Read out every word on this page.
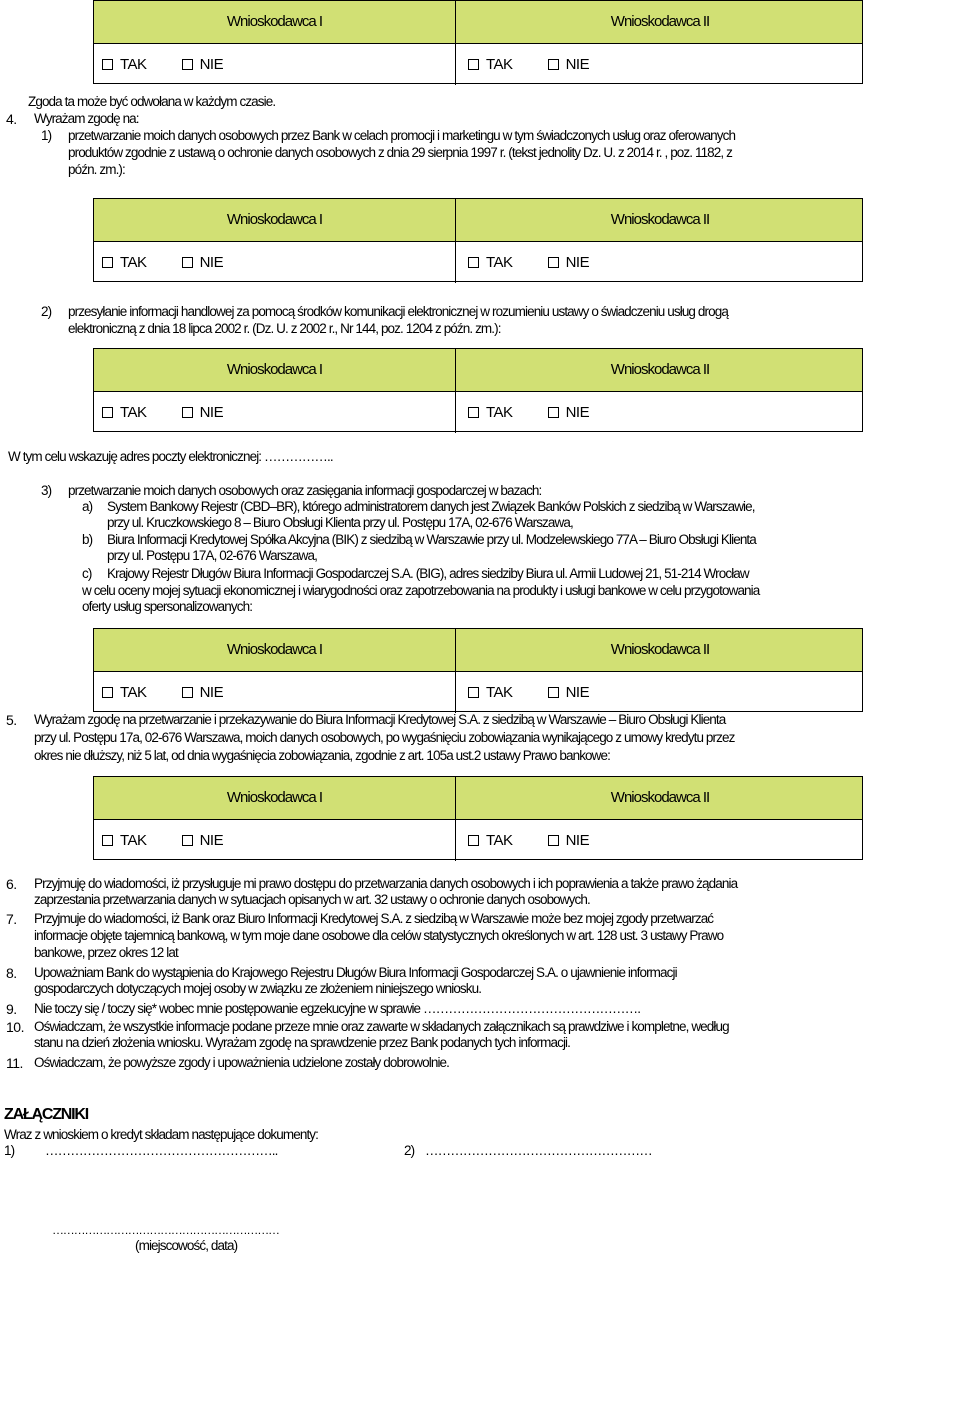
Wnioskodawca I	Wnioskodawca II
TAK	NIE	TAK	NIE
Zgoda ta może być odwołana w każdym czasie.
4. Wyrażam zgodę na:
1) przetwarzanie moich danych osobowych przez Bank w celach promocji i marketingu w tym świadczonych usług oraz oferowanych
produktów zgodnie z ustawą o ochronie danych osobowych z dnia 29 sierpnia 1997 r. (tekst jednolity Dz. U. z 2014 r. , poz. 1182, z
późn. zm.):
Wnioskodawca I	Wnioskodawca II
TAK	NIE	TAK	NIE
2) przesyłanie informacji handlowej za pomocą środków komunikacji elektronicznej w rozumieniu ustawy o świadczeniu usług drogą
elektroniczną z dnia 18 lipca 2002 r. (Dz. U. z 2002 r., Nr 144, poz. 1204 z późn. zm.):
Wnioskodawca I	Wnioskodawca II
TAK	NIE	TAK	NIE
W tym celu wskazuję adres poczty elektronicznej: ……………..
3) przetwarzanie moich danych osobowych oraz zasięgania informacji gospodarczej w bazach:
a) System Bankowy Rejestr (CBD–BR), którego administratorem danych jest Związek Banków Polskich z siedzibą w Warszawie,
przy ul. Kruczkowskiego 8 – Biuro Obsługi Klienta przy ul. Postępu 17A, 02-676 Warszawa,
b) Biura Informacji Kredytowej Spółka Akcyjna (BIK) z siedzibą w Warszawie przy ul. Modzelewskiego 77A – Biuro Obsługi Klienta
przy ul. Postępu 17A, 02-676 Warszawa,
c) Krajowy Rejestr Długów Biura Informacji Gospodarczej S.A. (BIG), adres siedziby Biura ul. Armii Ludowej 21, 51-214 Wrocław
w celu oceny mojej sytuacji ekonomicznej i wiarygodności oraz zapotrzebowania na produkty i usługi bankowe w celu przygotowania
oferty usług spersonalizowanych:
Wnioskodawca I	Wnioskodawca II
TAK	NIE	TAK	NIE
5. Wyrażam zgodę na przetwarzanie i przekazywanie do Biura Informacji Kredytowej S.A. z siedzibą w Warszawie – Biuro Obsługi Klienta
przy ul. Postępu 17a, 02-676 Warszawa, moich danych osobowych, po wygaśnięciu zobowiązania wynikającego z umowy kredytu przez
okres nie dłuższy, niż 5 lat, od dnia wygaśnięcia zobowiązania, zgodnie z art. 105a ust.2 ustawy Prawo bankowe:
Wnioskodawca I	Wnioskodawca II
TAK	NIE	TAK	NIE
6. Przyjmuję do wiadomości, iż przysługuje mi prawo dostępu do przetwarzania danych osobowych i ich poprawienia a także prawo żądania
zaprzestania przetwarzania danych w sytuacjach opisanych w art. 32 ustawy o ochronie danych osobowych.
7. Przyjmuje do wiadomości, iż Bank oraz Biuro Informacji Kredytowej S.A. z siedzibą w Warszawie może bez mojej zgody przetwarzać
informacje objęte tajemnicą bankową, w tym moje dane osobowe dla celów statystycznych określonych w art. 128 ust. 3 ustawy Prawo
bankowe, przez okres 12 lat
8. Upoważniam Bank do wystąpienia do Krajowego Rejestru Długów Biura Informacji Gospodarczej S.A. o ujawnienie informacji
gospodarczych dotyczących mojej osoby w związku ze złożeniem niniejszego wniosku.
9. Nie toczy się / toczy się* wobec mnie postępowanie egzekucyjne w sprawie …………………………………………….
10. Oświadczam, że wszystkie informacje podane przeze mnie oraz zawarte w składanych załącznikach są prawdziwe i kompletne, według
stanu na dzień złożenia wniosku. Wyrażam zgodę na sprawdzenie przez Bank podanych tych informacji.
11. Oświadczam, że powyższe zgody i upoważnienia udzielone zostały dobrowolnie.
ZAŁĄCZNIKI
Wraz z wnioskiem o kredyt składam następujące dokumenty:
1) ………………………………………………..	2) ………………………………………………
………………………………………………………
(miejscowość, data)
